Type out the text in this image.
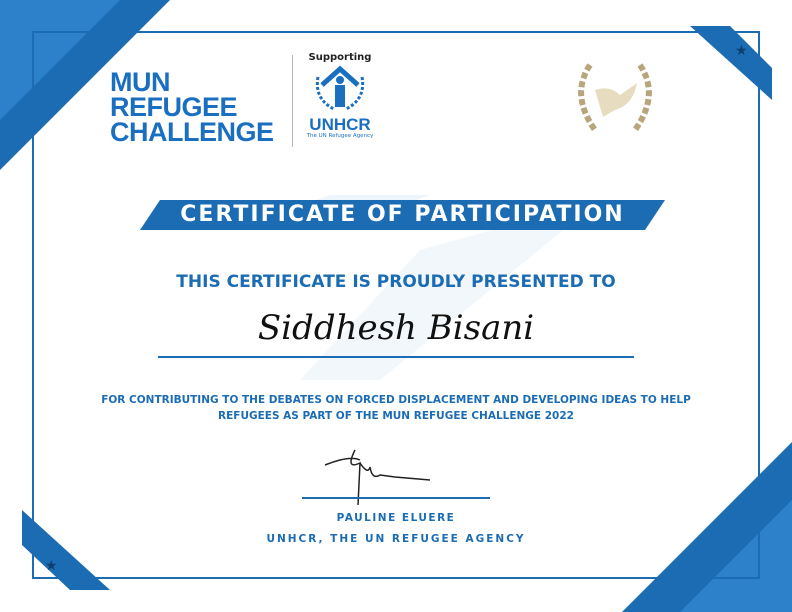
★
★
MUN
REFUGEE
CHALLENGE
Supporting
UNHCR
The UN Refugee Agency
CERTIFICATE OF PARTICIPATION
THIS CERTIFICATE IS PROUDLY PRESENTED TO
Siddhesh Bisani
FOR CONTRIBUTING TO THE DEBATES ON FORCED DISPLACEMENT AND DEVELOPING IDEAS TO HELP
REFUGEES AS PART OF THE MUN REFUGEE CHALLENGE 2022
PAULINE ELUERE
UNHCR, THE UN REFUGEE AGENCY
